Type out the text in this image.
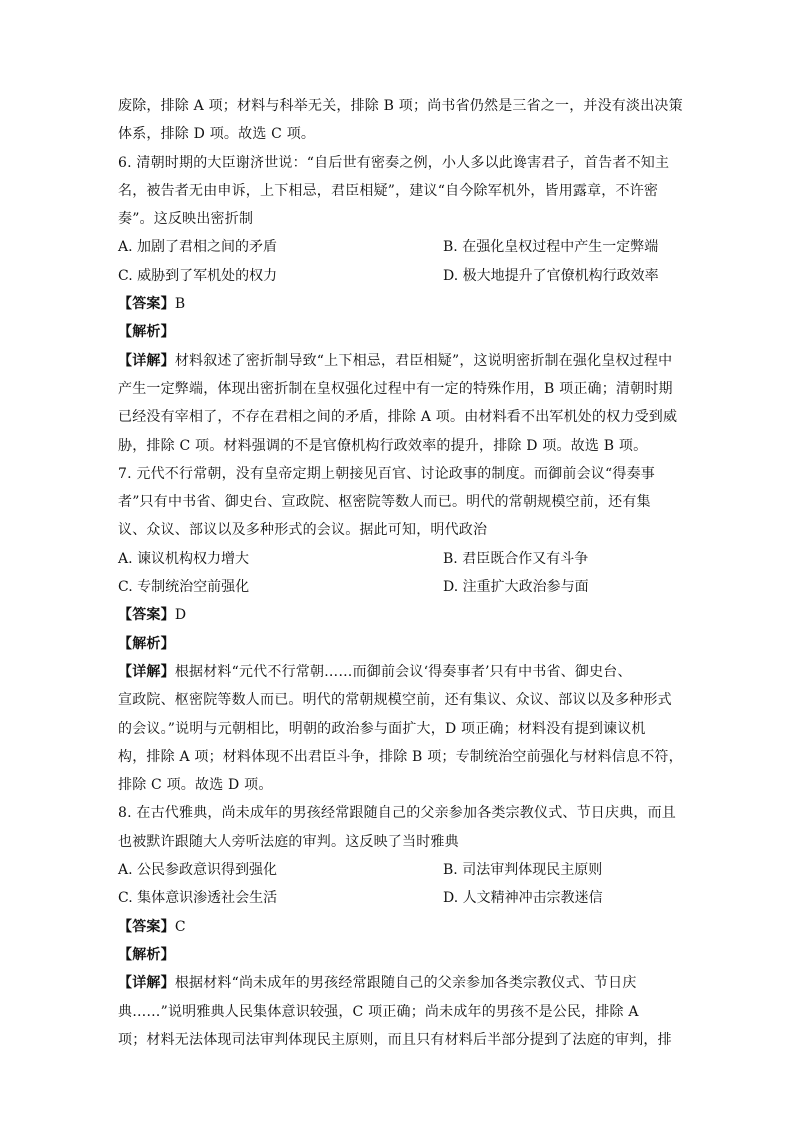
废除，排除 A 项；材料与科举无关，排除 B 项；尚书省仍然是三省之一，并没有淡出决策
体系，排除 D 项。故选 C 项。
6. 清朝时期的大臣谢济世说：“自后世有密奏之例，小人多以此谗害君子，首告者不知主
名，被告者无由申诉，上下相忌，君臣相疑”，建议“自今除军机外，皆用露章，不许密
奏”。这反映出密折制
A. 加剧了君相之间的矛盾	B. 在强化皇权过程中产生一定弊端
C. 威胁到了军机处的权力	D. 极大地提升了官僚机构行政效率
【答案】B
【解析】
【详解】材料叙述了密折制导致“上下相忌，君臣相疑”，这说明密折制在强化皇权过程中
产生一定弊端，体现出密折制在皇权强化过程中有一定的特殊作用，B 项正确；清朝时期
已经没有宰相了，不存在君相之间的矛盾，排除 A 项。由材料看不出军机处的权力受到威
胁，排除 C 项。材料强调的不是官僚机构行政效率的提升，排除 D 项。故选 B 项。
7. 元代不行常朝，没有皇帝定期上朝接见百官、讨论政事的制度。而御前会议“得奏事
者”只有中书省、御史台、宣政院、枢密院等数人而已。明代的常朝规模空前，还有集
议、众议、部议以及多种形式的会议。据此可知，明代政治
A. 谏议机构权力增大	B. 君臣既合作又有斗争
C. 专制统治空前强化	D. 注重扩大政治参与面
【答案】D
【解析】
【详解】根据材料“元代不行常朝……而御前会议‘得奏事者’只有中书省、御史台、
宣政院、枢密院等数人而已。明代的常朝规模空前，还有集议、众议、部议以及多种形式
的会议。”说明与元朝相比，明朝的政治参与面扩大，D 项正确；材料没有提到谏议机
构，排除 A 项；材料体现不出君臣斗争，排除 B 项；专制统治空前强化与材料信息不符，
排除 C 项。故选 D 项。
8. 在古代雅典，尚未成年的男孩经常跟随自己的父亲参加各类宗教仪式、节日庆典，而且
也被默许跟随大人旁听法庭的审判。这反映了当时雅典
A. 公民参政意识得到强化	B. 司法审判体现民主原则
C. 集体意识渗透社会生活	D. 人文精神冲击宗教迷信
【答案】C
【解析】
【详解】根据材料“尚未成年的男孩经常跟随自己的父亲参加各类宗教仪式、节日庆
典……”说明雅典人民集体意识较强，C 项正确；尚未成年的男孩不是公民，排除 A
项；材料无法体现司法审判体现民主原则，而且只有材料后半部分提到了法庭的审判，排
